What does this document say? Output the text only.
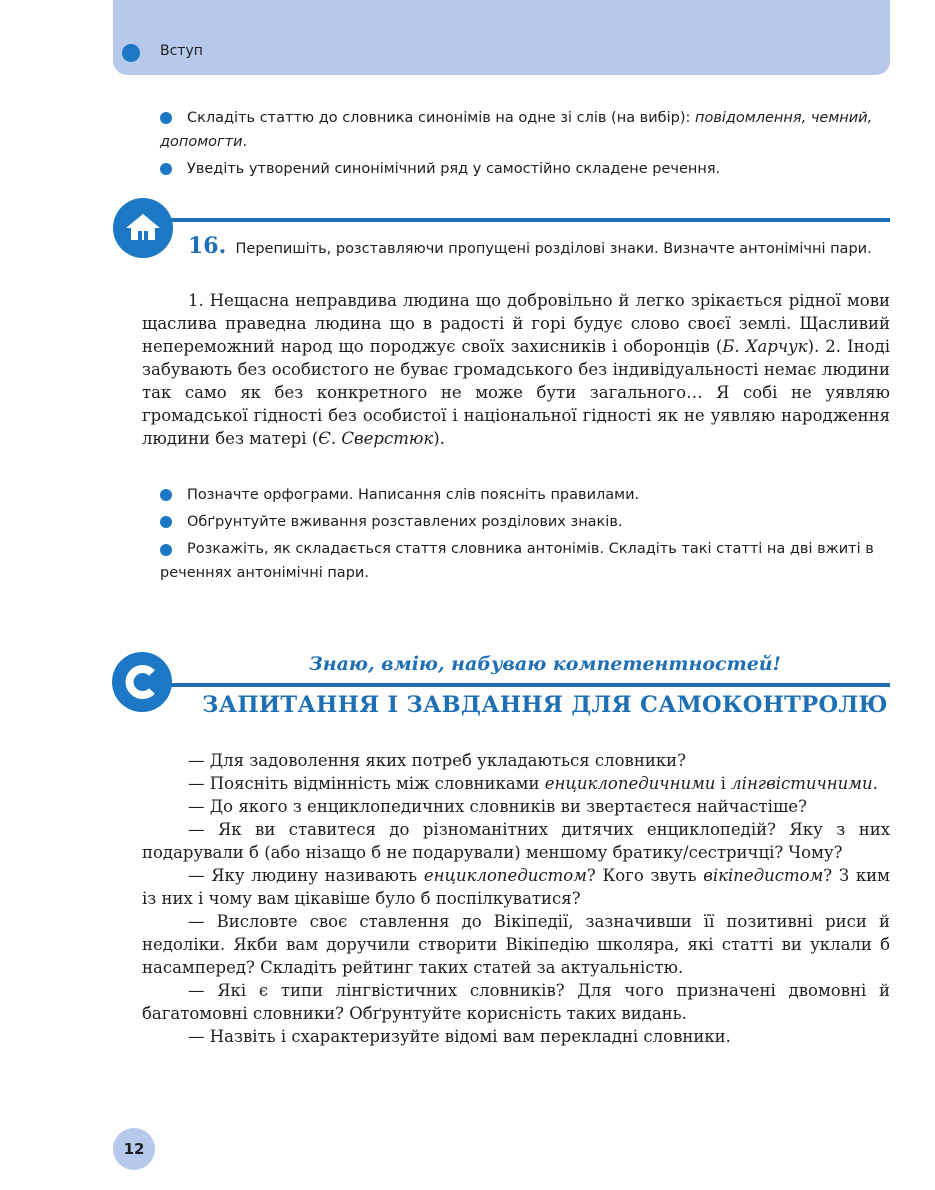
Вступ

Складіть статтю до словника синонімів на одне зі слів (на вибір): повідомлення, чемний, допомогти.

Уведіть утворений синонімічний ряд у самостійно складене речення.

16. Перепишіть, розставляючи пропущені розділові знаки. Визначте антонімічні пари.

1. Нещасна неправдива людина що добровільно й легко зрікається рідної мови щаслива праведна людина що в радості й горі будує слово своєї землі. Щасливий непереможний народ що породжує своїх захисників і оборонців (Б. Харчук). 2. Іноді забувають без особистого не буває громадського без індивідуальності немає людини так само як без конкретного не може бути загального… Я собі не уявляю громадської гідності без особистої і національної гідності як не уявляю народження людини без матері (Є. Сверстюк).

Позначте орфограми. Написання слів поясніть правилами.

Обґрунтуйте вживання розставлених розділових знаків.

Розкажіть, як складається стаття словника антонімів. Складіть такі статті на дві вжиті в реченнях антонімічні пари.

Знаю, вмію, набуваю компетентностей!
ЗАПИТАННЯ І ЗАВДАННЯ ДЛЯ САМОКОНТРОЛЮ

— Для задоволення яких потреб укладаються словники?

— Поясніть відмінність між словниками енциклопедичними і лінгвістичними.

— До якого з енциклопедичних словників ви звертаєтеся найчастіше?

— Як ви ставитеся до різноманітних дитячих енциклопедій? Яку з них подарували б (або нізащо б не подарували) меншому братику/сестричці? Чому?

— Яку людину називають енциклопедистом? Кого звуть вікіпедистом? З ким із них і чому вам цікавіше було б поспілкуватися?

— Висловте своє ставлення до Вікіпедії, зазначивши її позитивні риси й недоліки. Якби вам доручили створити Вікіпедію школяра, які статті ви уклали б насамперед? Складіть рейтинг таких статей за актуальністю.

— Які є типи лінгвістичних словників? Для чого призначені двомовні й багатомовні словники? Обґрунтуйте корисність таких видань.

— Назвіть і схарактеризуйте відомі вам перекладні словники.

12
